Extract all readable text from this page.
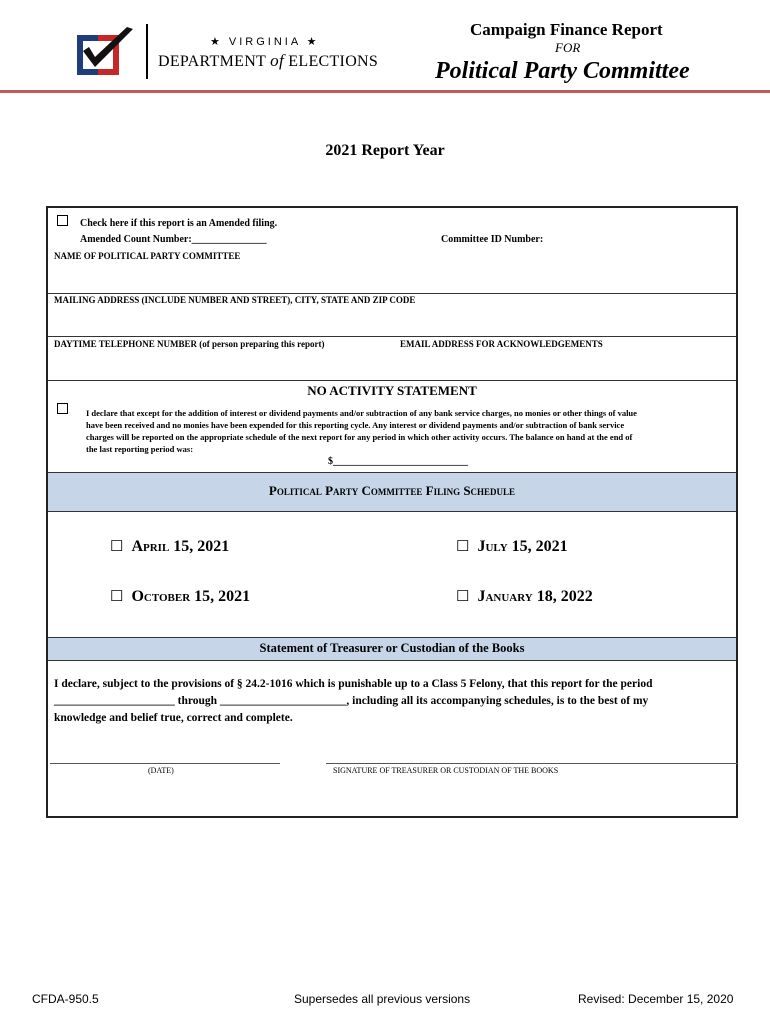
★ VIRGINIA ★
DEPARTMENT of ELECTIONS
Campaign Finance Report
FOR
Political Party Committee
2021 Report Year
Check here if this report is an Amended filing.
Amended Count Number:_______________	Committee ID Number:
NAME OF POLITICAL PARTY COMMITTEE
MAILING ADDRESS (INCLUDE NUMBER AND STREET), CITY, STATE AND ZIP CODE
DAYTIME TELEPHONE NUMBER (of person preparing this report)	EMAIL ADDRESS FOR ACKNOWLEDGEMENTS
NO ACTIVITY STATEMENT
I declare that except for the addition of interest or dividend payments and/or subtraction of any bank service charges, no monies or other things of value
have been received and no monies have been expended for this reporting cycle. Any interest or dividend payments and/or subtraction of bank service
charges will be reported on the appropriate schedule of the next report for any period in which other activity occurs. The balance on hand at the end of
the last reporting period was:
$___________________________
Political Party Committee Filing Schedule
☐ April 15, 2021	☐ July 15, 2021
☐ October 15, 2021	☐ January 18, 2022
Statement of Treasurer or Custodian of the Books
I declare, subject to the provisions of § 24.2-1016 which is punishable up to a Class 5 Felony, that this report for the period
_____________________ through ______________________, including all its accompanying schedules, is to the best of my
knowledge and belief true, correct and complete.
(DATE)	SIGNATURE OF TREASURER OR CUSTODIAN OF THE BOOKS
CFDA-950.5	Supersedes all previous versions	Revised: December 15, 2020
